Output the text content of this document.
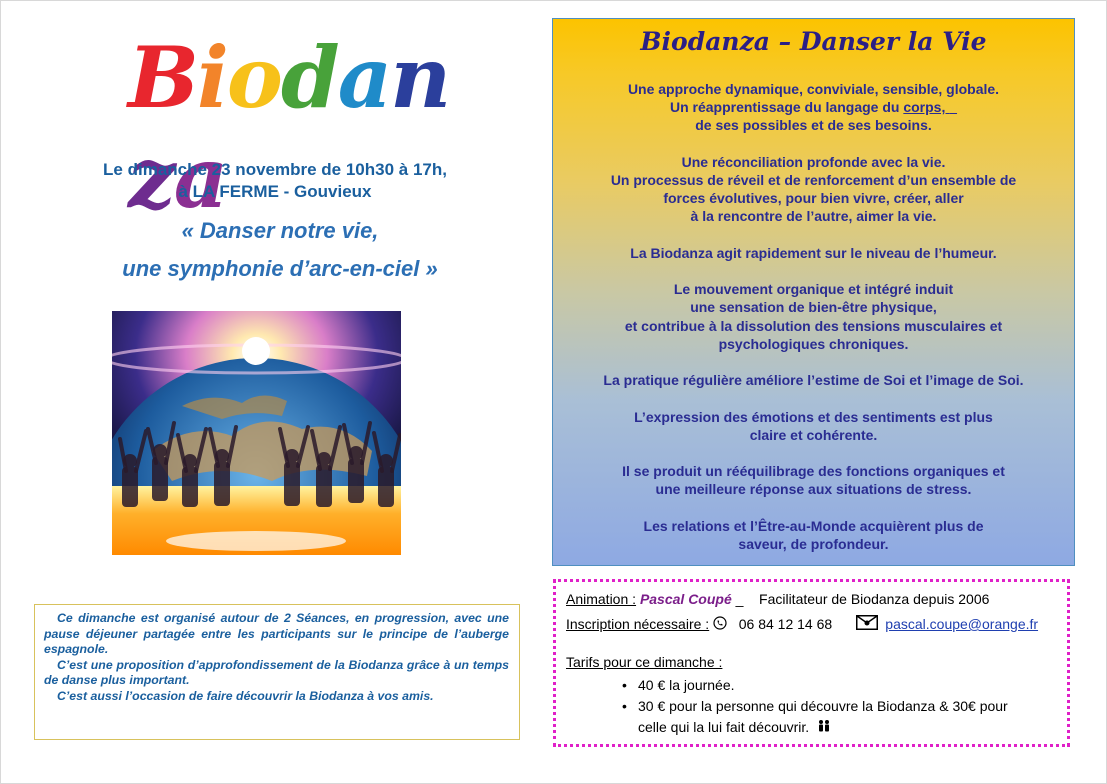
Biodanza
Le dimanche 23 novembre de 10h30 à 17h,
à LA FERME - Gouvieux
« Danser notre vie,
une symphonie d’arc-en-ciel »

Ce dimanche est organisé autour de 2 Séances, en progression, avec une pause déjeuner partagée entre les participants sur le principe de l’auberge espagnole.

C’est une proposition d’approfondissement de la Biodanza grâce à un temps de danse plus important.

C’est aussi l’occasion de faire découvrir la Biodanza à vos amis.

Biodanza – Danser la Vie

Une approche dynamique, conviviale, sensible, globale.
Un réapprentissage du langage du corps,
de ses possibles et de ses besoins.

Une réconciliation profonde avec la vie.
Un processus de réveil et de renforcement d’un ensemble de
forces évolutives, pour bien vivre, créer, aller
à la rencontre de l’autre, aimer la vie.

La Biodanza agit rapidement sur le niveau de l’humeur.

Le mouvement organique et intégré induit
une sensation de bien-être physique,
et contribue à la dissolution des tensions musculaires et
psychologiques chroniques.

La pratique régulière améliore l’estime de Soi et l’image de Soi.

L’expression des émotions et des sentiments est plus
claire et cohérente.

Il se produit un rééquilibrage des fonctions organiques et
une meilleure réponse aux situations de stress.

Les relations et l’Être-au-Monde acquièrent plus de
saveur, de profondeur.

Animation : Pascal Coupé _ Facilitateur de Biodanza depuis 2006
Inscription nécessaire : 06 84 12 14 68	pascal.coupe@orange.fr
Tarifs pour ce dimanche :
• 40 € la journée.
• 30 € pour la personne qui découvre la Biodanza & 30€ pour
celle qui la lui fait découvrir.
